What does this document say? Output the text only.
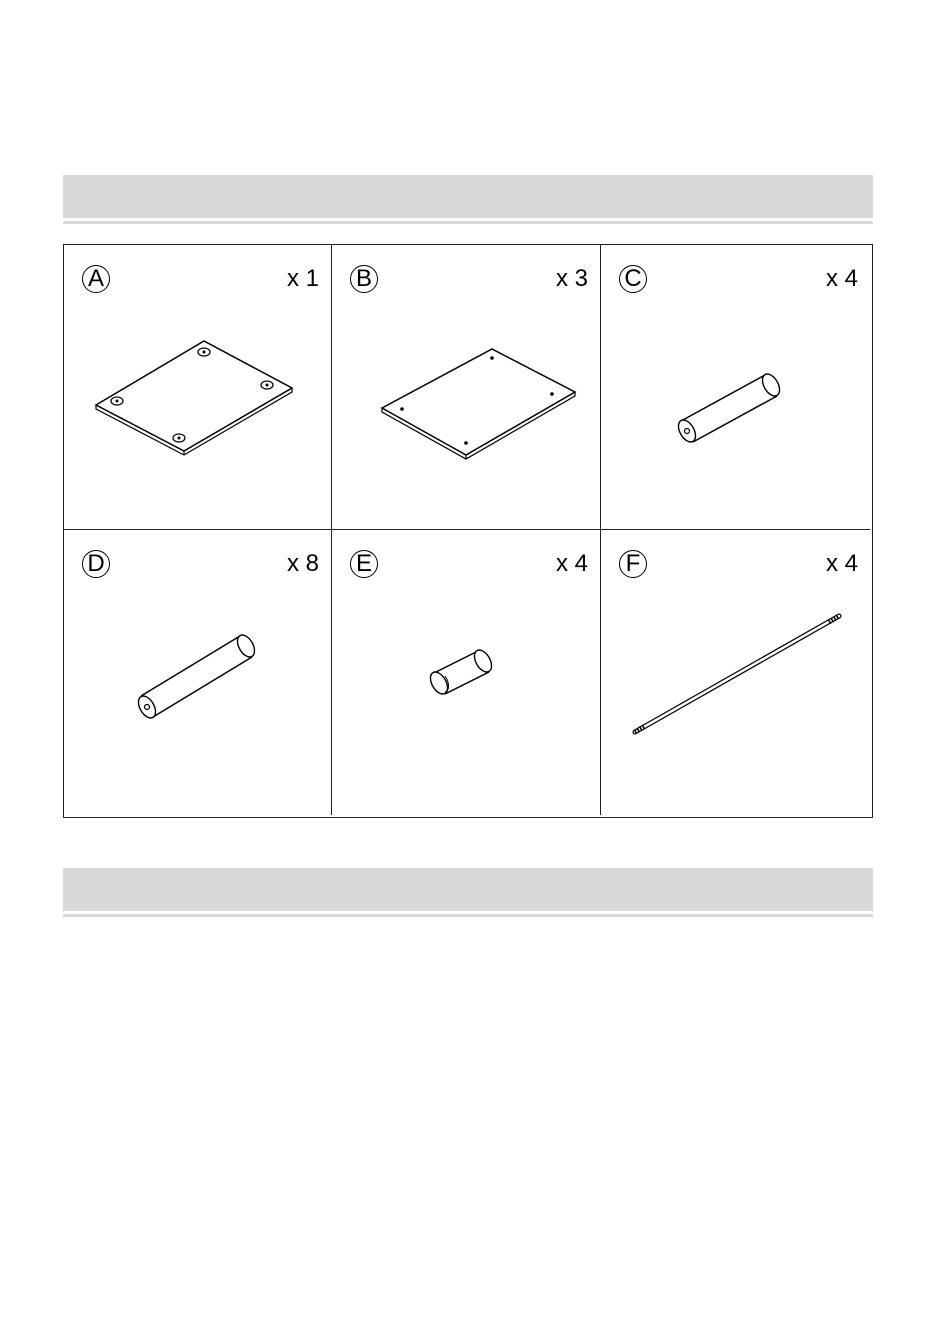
A	x 1 B	x 3 C	x 4
D	x 8 E	x 4 F	x 4
